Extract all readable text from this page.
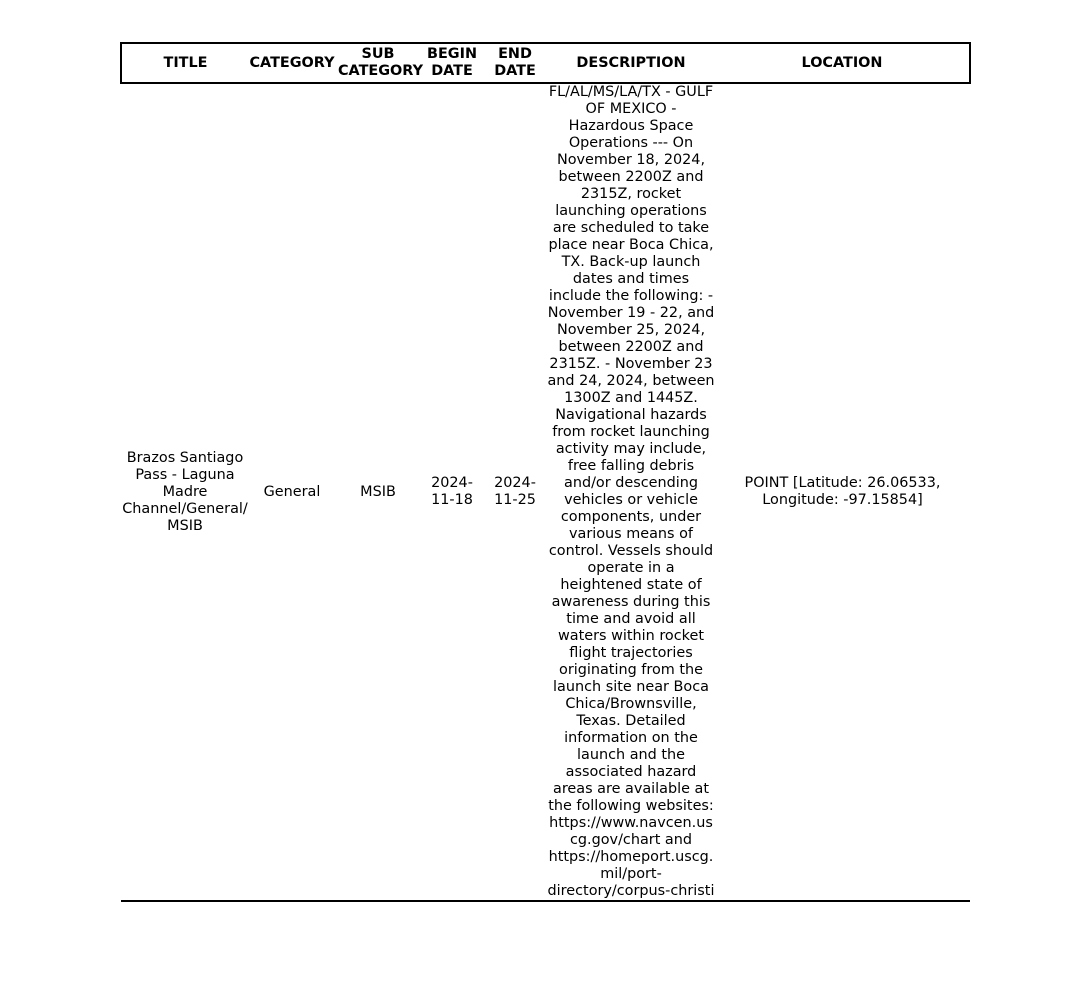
TITLE	CATEGORY	SUB CATEGORY	BEGIN DATE	END DATE	DESCRIPTION	LOCATION

Brazos Santiago Pass - Laguna Madre Channel/General/MSIB	General	MSIB	2024-11-18	2024-11-25	FL/AL/MS/LA/TX - GULF OF MEXICO - Hazardous Space Operations --- On November 18, 2024, between 2200Z and 2315Z, rocket launching operations are scheduled to take place near Boca Chica, TX. Back-up launch dates and times include the following: - November 19 - 22, and November 25, 2024, between 2200Z and 2315Z. - November 23 and 24, 2024, between 1300Z and 1445Z. Navigational hazards from rocket launching activity may include, free falling debris and/or descending vehicles or vehicle components, under various means of control. Vessels should operate in a heightened state of awareness during this time and avoid all waters within rocket flight trajectories originating from the launch site near Boca Chica/Brownsville, Texas. Detailed information on the launch and the associated hazard areas are available at the following websites: https://www.navcen.uscg.gov/chart and https://homeport.uscg.mil/port-directory/corpus-christi	POINT [Latitude: 26.06533, Longitude: -97.15854]
